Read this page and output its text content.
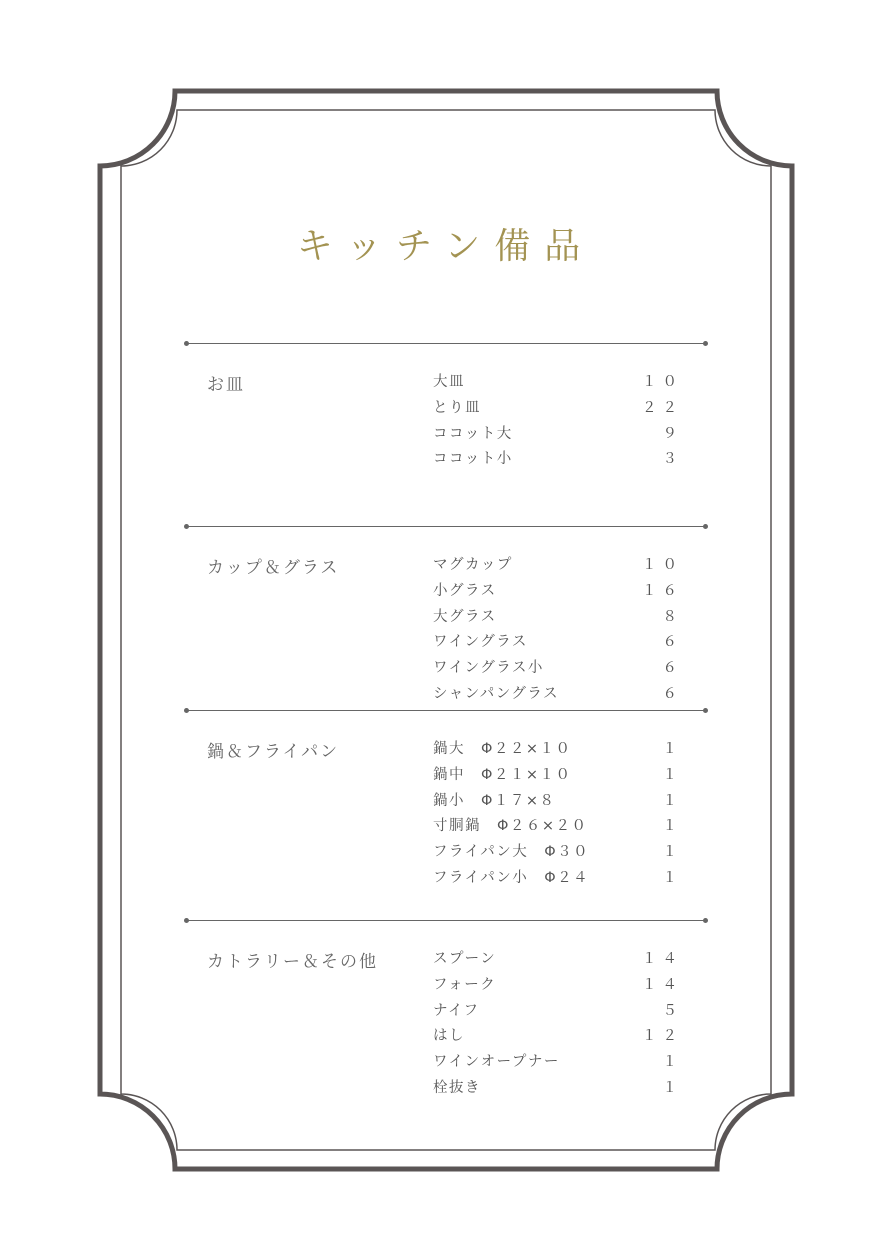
キッチン備品
お皿	大皿	１０
とり皿	２２
ココット大	９
ココット小	３
カップ＆グラス	マグカップ	１０
小グラス	１６
大グラス	８
ワイングラス	６
ワイングラス小	６
シャンパングラス	６
鍋＆フライパン	鍋大　Φ２２×１０	１
鍋中　Φ２１×１０	１
鍋小　Φ１７×８	１
寸胴鍋　Φ２６×２０	１
フライパン大　Φ３０	１
フライパン小　Φ２４	１
カトラリー＆その他	スプーン	１４
フォーク	１４
ナイフ	５
はし	１２
ワインオープナー	１
栓抜き	１
